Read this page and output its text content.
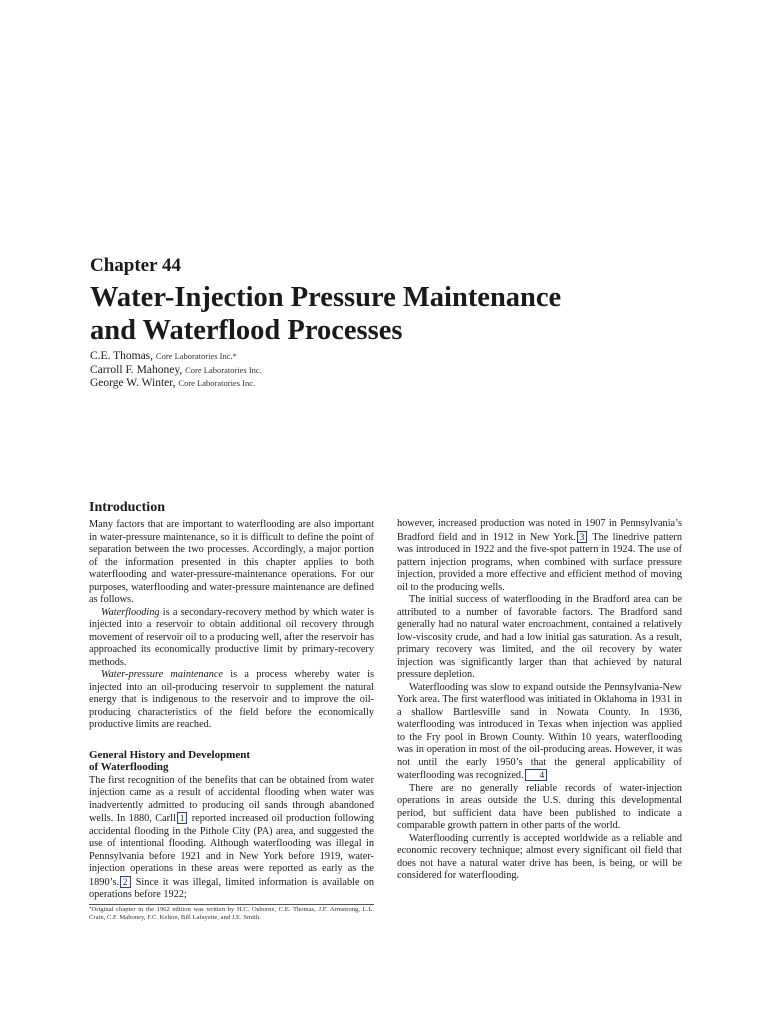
Chapter 44
Water-Injection Pressure Maintenance
and Waterflood Processes
C.E. Thomas, Core Laboratories Inc.*
Carroll F. Mahoney, Core Laboratories Inc.
George W. Winter, Core Laboratories Inc.
Introduction

Many factors that are important to waterflooding are also important in water-pressure maintenance, so it is difficult to define the point of separation between the two processes. Accordingly, a major portion of the information presented in this chapter applies to both waterflooding and water-pressure-maintenance operations. For our purposes, waterflooding and water-pressure maintenance are defined as follows.

Waterflooding is a secondary-recovery method by which water is injected into a reservoir to obtain additional oil recovery through movement of reservoir oil to a producing well, after the reservoir has approached its economically productive limit by primary-recovery methods.

Water-pressure maintenance is a process whereby water is injected into an oil-producing reservoir to supplement the natural energy that is indigenous to the reservoir and to improve the oil-producing characteristics of the field before the economically productive limits are reached.

General History and Development
of Waterflooding

The first recognition of the benefits that can be obtained from water injection came as a result of accidental flooding when water was inadvertently admitted to producing oil sands through abandoned wells. In 1880, Carll 1 reported increased oil production following accidental flooding in the Pithole City (PA) area, and suggested the use of intentional flooding. Although waterflooding was illegal in Pennsylvania before 1921 and in New York before 1919, water-injection operations in these areas were reported as early as the 1890’s. 2 Since it was illegal, limited information is available on operations before 1922;

*Original chapter in the 1962 edition was written by H.C. Osborne, C.E. Thomas, J.F. Armstrong, L.L. Crain, C.F. Mahoney, F.C. Kelton, Bill Lafayette, and J.E. Smith.

however, increased production was noted in 1907 in Pennsylvania’s Bradford field and in 1912 in New York. 3 The linedrive pattern was introduced in 1922 and the five-spot pattern in 1924. The use of pattern injection programs, when combined with surface pressure injection, provided a more effective and efficient method of moving oil to the producing wells.

The initial success of waterflooding in the Bradford area can be attributed to a number of favorable factors. The Bradford sand generally had no natural water encroachment, contained a relatively low-viscosity crude, and had a low initial gas saturation. As a result, primary recovery was limited, and the oil recovery by water injection was significantly larger than that achieved by natural pressure depletion.

Waterflooding was slow to expand outside the Pennsylvania-New York area. The first waterflood was initiated in Oklahoma in 1931 in a shallow Bartlesville sand in Nowata County. In 1936, waterflooding was introduced in Texas when injection was applied to the Fry pool in Brown County. Within 10 years, waterflooding was in operation in most of the oil-producing areas. However, it was not until the early 1950’s that the general applicability of waterflooding was recognized. 4

There are no generally reliable records of water-injection operations in areas outside the U.S. during this developmental period, but sufficient data have been published to indicate a comparable growth pattern in other parts of the world.

Waterflooding currently is accepted worldwide as a reliable and economic recovery technique; almost every significant oil field that does not have a natural water drive has been, is being, or will be considered for waterflooding.
